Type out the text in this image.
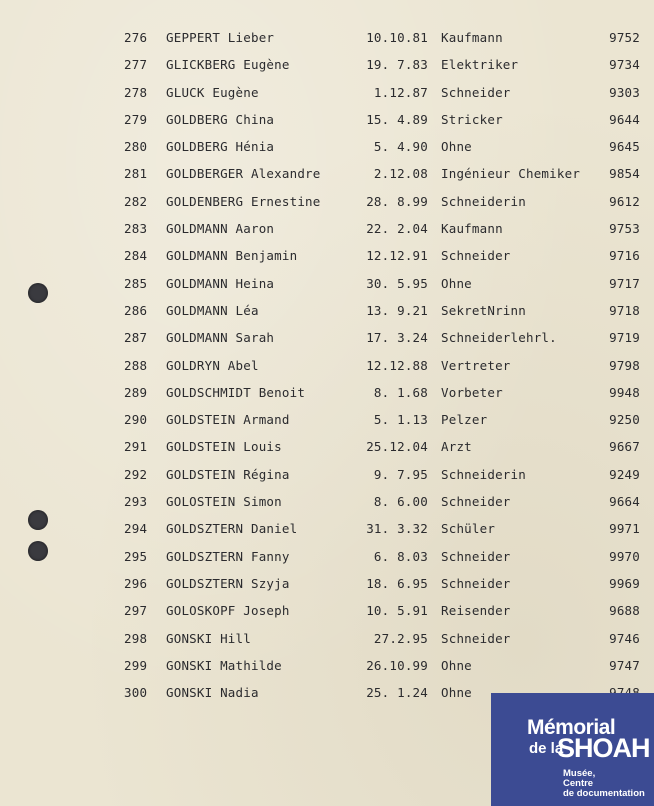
276 GEPPERT Lieber	10.10.81 Kaufmann	9752
277 GLICKBERG Eugène	19. 7.83 Elektriker	9734
278 GLUCK Eugène	1.12.87 Schneider	9303
279 GOLDBERG China	15. 4.89 Stricker	9644
280 GOLDBERG Hénia	5. 4.90 Ohne	9645
281 GOLDBERGER Alexandre	2.12.08 Ingénieur Chemiker 9854
282 GOLDENBERG Ernestine	28. 8.99 Schneiderin	9612
283 GOLDMANN Aaron	22. 2.04 Kaufmann	9753
284 GOLDMANN Benjamin	12.12.91 Schneider	9716
285 GOLDMANN Heina	30. 5.95 Ohne	9717
286 GOLDMANN Léa	13. 9.21 SekretNrinn	9718
287 GOLDMANN Sarah	17. 3.24 Schneiderlehrl.	9719
288 GOLDRYN Abel	12.12.88 Vertreter	9798
289 GOLDSCHMIDT Benoit	8. 1.68 Vorbeter	9948
290 GOLDSTEIN Armand	5. 1.13 Pelzer	9250
291 GOLDSTEIN Louis	25.12.04 Arzt	9667
292 GOLDSTEIN Régina	9. 7.95 Schneiderin	9249
293 GOLOSTEIN Simon	8. 6.00 Schneider	9664
294 GOLDSZTERN Daniel	31. 3.32 Schüler	9971
295 GOLDSZTERN Fanny	6. 8.03 Schneider	9970
296 GOLDSZTERN Szyja	18. 6.95 Schneider	9969
297 GOLOSKOPF Joseph	10. 5.91 Reisender	9688
298 GONSKI Hill	27.2.95 Schneider	9746
299 GONSKI Mathilde	26.10.99 Ohne	9747
300 GONSKI Nadia	25. 1.24 Ohne
Mémorial
de la
SHOAH
Musée,
Centre
de documentation
